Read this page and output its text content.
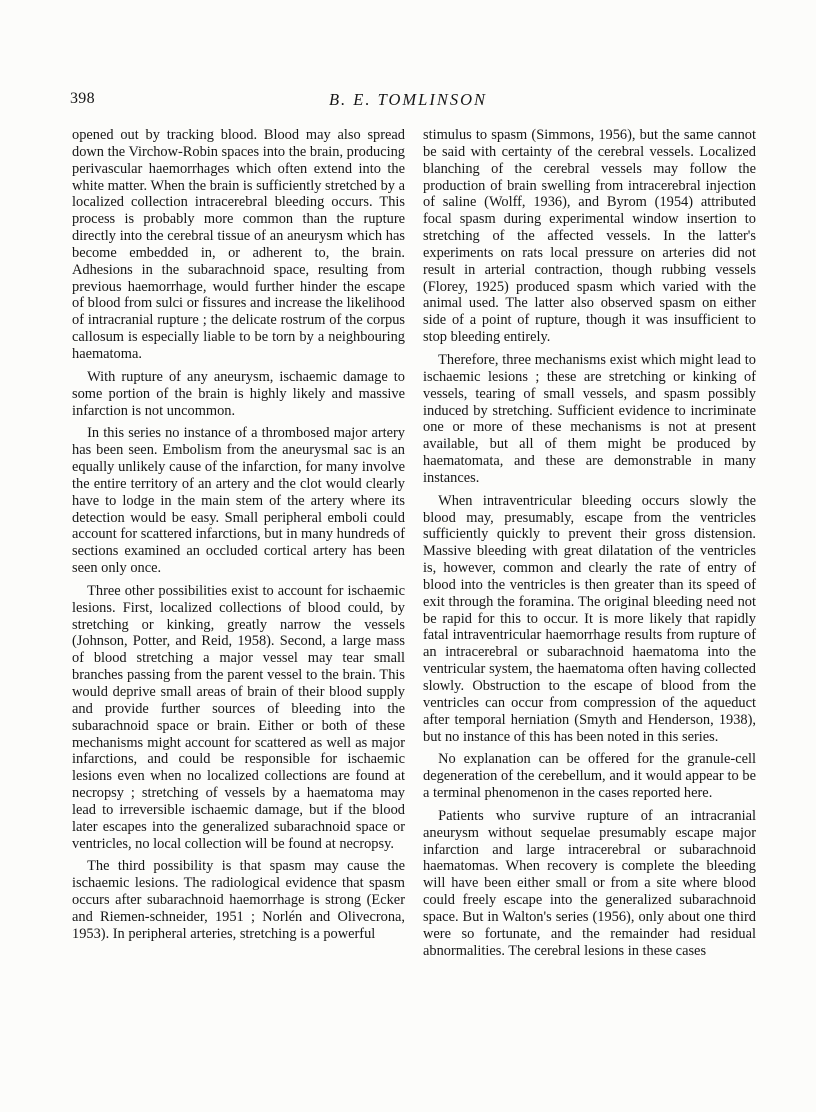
398	B. E. TOMLINSON

opened out by tracking blood. Blood may also spread down the Virchow-Robin spaces into the brain, producing perivascular haemorrhages which often extend into the white matter. When the brain is sufficiently stretched by a localized collection intracerebral bleeding occurs. This process is probably more common than the rupture directly into the cerebral tissue of an aneurysm which has become embedded in, or adherent to, the brain. Adhesions in the subarachnoid space, resulting from previous haemorrhage, would further hinder the escape of blood from sulci or fissures and increase the likelihood of intracranial rupture ; the delicate rostrum of the corpus callosum is especially liable to be torn by a neighbouring haematoma.

With rupture of any aneurysm, ischaemic damage to some portion of the brain is highly likely and massive infarction is not uncommon.

In this series no instance of a thrombosed major artery has been seen. Embolism from the aneurysmal sac is an equally unlikely cause of the infarction, for many involve the entire territory of an artery and the clot would clearly have to lodge in the main stem of the artery where its detection would be easy. Small peripheral emboli could account for scattered infarctions, but in many hundreds of sections examined an occluded cortical artery has been seen only once.

Three other possibilities exist to account for ischaemic lesions. First, localized collections of blood could, by stretching or kinking, greatly narrow the vessels (Johnson, Potter, and Reid, 1958). Second, a large mass of blood stretching a major vessel may tear small branches passing from the parent vessel to the brain. This would deprive small areas of brain of their blood supply and provide further sources of bleeding into the subarachnoid space or brain. Either or both of these mechanisms might account for scattered as well as major infarctions, and could be responsible for ischaemic lesions even when no localized collections are found at necropsy ; stretching of vessels by a haematoma may lead to irreversible ischaemic damage, but if the blood later escapes into the generalized subarachnoid space or ventricles, no local collection will be found at necropsy.

The third possibility is that spasm may cause the ischaemic lesions. The radiological evidence that spasm occurs after subarachnoid haemorrhage is strong (Ecker and Riemen-schneider, 1951 ; Norlén and Olivecrona, 1953). In peripheral arteries, stretching is a powerful

stimulus to spasm (Simmons, 1956), but the same cannot be said with certainty of the cerebral vessels. Localized blanching of the cerebral vessels may follow the production of brain swelling from intracerebral injection of saline (Wolff, 1936), and Byrom (1954) attributed focal spasm during experimental window insertion to stretching of the affected vessels. In the latter's experiments on rats local pressure on arteries did not result in arterial contraction, though rubbing vessels (Florey, 1925) produced spasm which varied with the animal used. The latter also observed spasm on either side of a point of rupture, though it was insufficient to stop bleeding entirely.

Therefore, three mechanisms exist which might lead to ischaemic lesions ; these are stretching or kinking of vessels, tearing of small vessels, and spasm possibly induced by stretching. Sufficient evidence to incriminate one or more of these mechanisms is not at present available, but all of them might be produced by haematomata, and these are demonstrable in many instances.

When intraventricular bleeding occurs slowly the blood may, presumably, escape from the ventricles sufficiently quickly to prevent their gross distension. Massive bleeding with great dilatation of the ventricles is, however, common and clearly the rate of entry of blood into the ventricles is then greater than its speed of exit through the foramina. The original bleeding need not be rapid for this to occur. It is more likely that rapidly fatal intraventricular haemorrhage results from rupture of an intracerebral or subarachnoid haematoma into the ventricular system, the haematoma often having collected slowly. Obstruction to the escape of blood from the ventricles can occur from compression of the aqueduct after temporal herniation (Smyth and Henderson, 1938), but no instance of this has been noted in this series.

No explanation can be offered for the granule-cell degeneration of the cerebellum, and it would appear to be a terminal phenomenon in the cases reported here.

Patients who survive rupture of an intracranial aneurysm without sequelae presumably escape major infarction and large intracerebral or subarachnoid haematomas. When recovery is complete the bleeding will have been either small or from a site where blood could freely escape into the generalized subarachnoid space. But in Walton's series (1956), only about one third were so fortunate, and the remainder had residual abnormalities. The cerebral lesions in these cases
